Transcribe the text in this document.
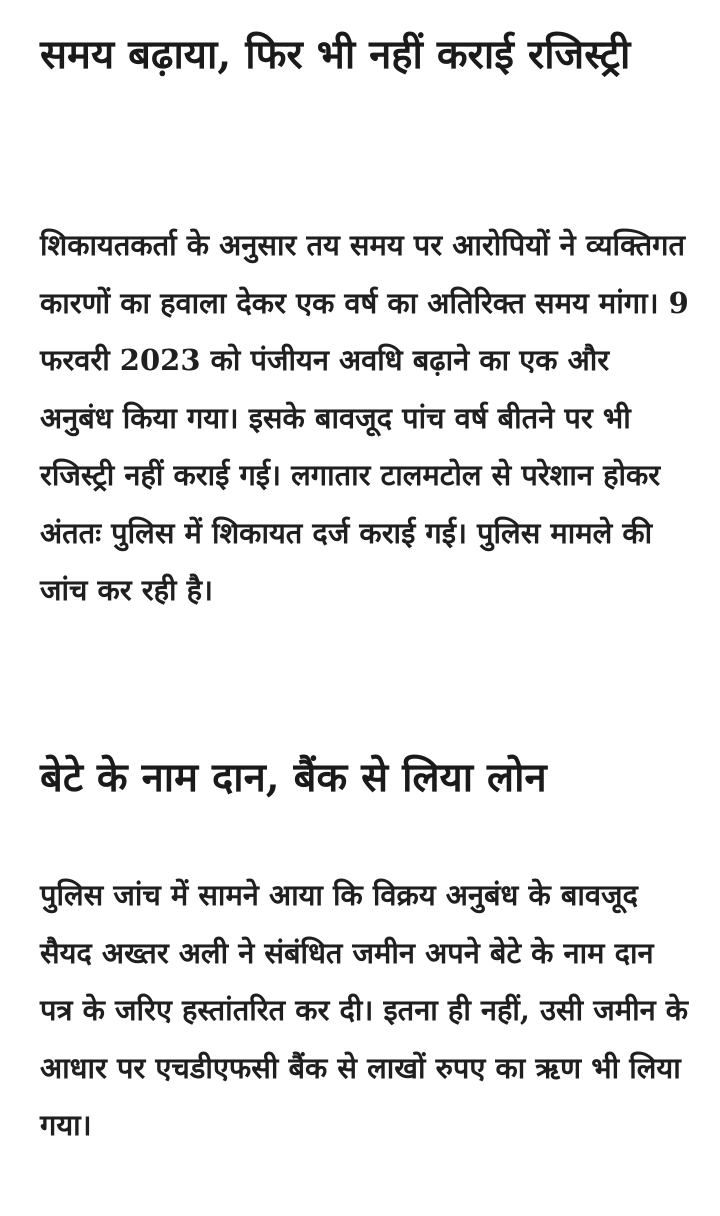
समय बढ़ाया, फिर भी नहीं कराई रजिस्ट्री

शिकायतकर्ता के अनुसार तय समय पर आरोपियों ने व्यक्तिगत कारणों का हवाला देकर एक वर्ष का अतिरिक्त समय मांगा। 9 फरवरी 2023 को पंजीयन अवधि बढ़ाने का एक और अनुबंध किया गया। इसके बावजूद पांच वर्ष बीतने पर भी रजिस्ट्री नहीं कराई गई। लगातार टालमटोल से परेशान होकर अंततः पुलिस में शिकायत दर्ज कराई गई। पुलिस मामले की जांच कर रही है।

बेटे के नाम दान, बैंक से लिया लोन

पुलिस जांच में सामने आया कि विक्रय अनुबंध के बावजूद सैयद अख्तर अली ने संबंधित जमीन अपने बेटे के नाम दान पत्र के जरिए हस्तांतरित कर दी। इतना ही नहीं, उसी जमीन के आधार पर एचडीएफसी बैंक से लाखों रुपए का ऋण भी लिया गया।
